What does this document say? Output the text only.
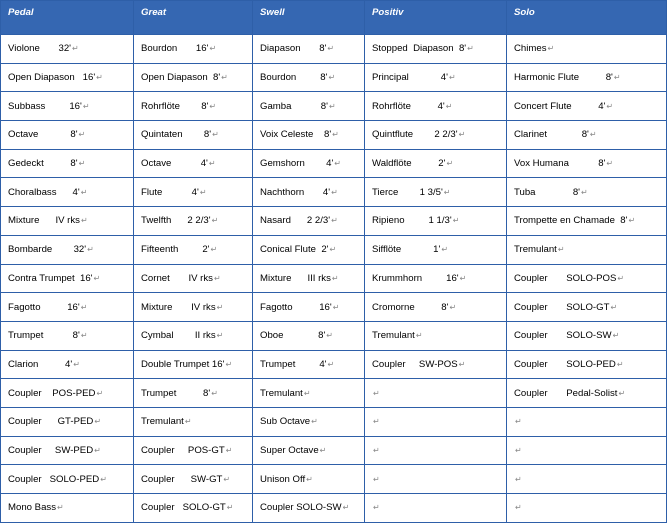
Pedal	Great	Swell	Positiv	Solo
Violone       32'↵	Bourdon       16'↵	Diapason       8'↵	Stopped  Diapason  8'↵	Chimes↵
Open Diapason   16'↵	Open Diapason  8'↵	Bourdon         8'↵	Principal            4'↵	Harmonic Flute          8'↵
Subbass         16'↵	Rohrflöte        8'↵	Gamba           8'↵	Rohrflöte          4'↵	Concert Flute          4'↵
Octave            8'↵	Quintaten        8'↵	Voix Celeste    8'↵	Quintflute        2 2/3'↵	Clarinet             8'↵
Gedeckt          8'↵	Octave           4'↵	Gemshorn        4'↵	Waldflöte          2'↵	Vox Humana           8'↵
Choralbass      4'↵	Flute           4'↵	Nachthorn       4'↵	Tierce        1 3/5'↵	Tuba              8'↵
Mixture      IV rks↵	Twelfth      2 2/3'↵	Nasard      2 2/3'↵	Ripieno         1 1/3'↵	Trompette en Chamade  8'↵
Bombarde        32'↵	Fifteenth         2'↵	Conical Flute  2'↵	Sifflöte            1'↵	Tremulant↵
Contra Trumpet  16'↵	Cornet       IV rks↵	Mixture      III rks↵	Krummhorn         16'↵	Coupler       SOLO-POS↵
Fagotto          16'↵	Mixture       IV rks↵	Fagotto          16'↵	Cromorne          8'↵	Coupler       SOLO-GT↵
Trumpet           8'↵	Cymbal        II rks↵	Oboe             8'↵	Tremulant↵	Coupler       SOLO-SW↵
Clarion          4'↵	Double Trumpet 16'↵	Trumpet         4'↵	Coupler     SW-POS↵	Coupler       SOLO-PED↵
Coupler    POS-PED↵	Trumpet          8'↵	Tremulant↵	↵	Coupler       Pedal-Solist↵
Coupler      GT-PED↵	Tremulant↵	Sub Octave↵	↵	↵
Coupler     SW-PED↵	Coupler     POS-GT↵	Super Octave↵	↵	↵
Coupler   SOLO-PED↵	Coupler      SW-GT↵	Unison Off↵	↵	↵
Mono Bass↵	Coupler   SOLO-GT↵	Coupler SOLO-SW↵	↵	↵
